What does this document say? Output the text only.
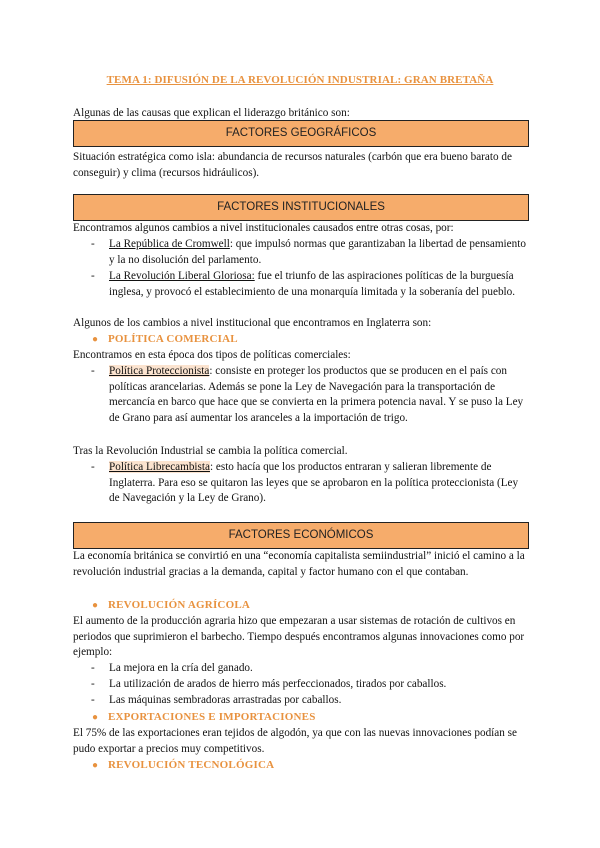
TEMA 1: DIFUSIÓN DE LA REVOLUCIÓN INDUSTRIAL: GRAN BRETAÑA
Algunas de las causas que explican el liderazgo británico son:
FACTORES GEOGRÁFICOS
Situación estratégica como isla: abundancia de recursos naturales (carbón que era bueno barato de conseguir) y clima (recursos hidráulicos).
FACTORES INSTITUCIONALES
Encontramos algunos cambios a nivel institucionales causados entre otras cosas, por:
-	La República de Cromwell: que impulsó normas que garantizaban la libertad de pensamiento y la no disolución del parlamento.
-	La Revolución Liberal Gloriosa: fue el triunfo de las aspiraciones políticas de la burguesía inglesa, y provocó el establecimiento de una monarquía limitada y la soberanía del pueblo.
Algunos de los cambios a nivel institucional que encontramos en Inglaterra son:
● POLÍTICA COMERCIAL
Encontramos en esta época dos tipos de políticas comerciales:
-	Política Proteccionista: consiste en proteger los productos que se producen en el país con políticas arancelarias. Además se pone la Ley de Navegación para la transportación de mercancía en barco que hace que se convierta en la primera potencia naval. Y se puso la Ley de Grano para así aumentar los aranceles a la importación de trigo.
Tras la Revolución Industrial se cambia la política comercial.
-	Política Librecambista: esto hacía que los productos entraran y salieran libremente de Inglaterra. Para eso se quitaron las leyes que se aprobaron en la política proteccionista (Ley de Navegación y la Ley de Grano).
FACTORES ECONÓMICOS
La economía británica se convirtió en una “economía capitalista semiindustrial” inició el camino a la revolución industrial gracias a la demanda, capital y factor humano con el que contaban.
● REVOLUCIÓN AGRÍCOLA
El aumento de la producción agraria hizo que empezaran a usar sistemas de rotación de cultivos en periodos que suprimieron el barbecho. Tiempo después encontramos algunas innovaciones como por ejemplo:
-	La mejora en la cría del ganado.
-	La utilización de arados de hierro más perfeccionados, tirados por caballos.
-	Las máquinas sembradoras arrastradas por caballos.
● EXPORTACIONES E IMPORTACIONES
El 75% de las exportaciones eran tejidos de algodón, ya que con las nuevas innovaciones podían se pudo exportar a precios muy competitivos.
● REVOLUCIÓN TECNOLÓGICA
